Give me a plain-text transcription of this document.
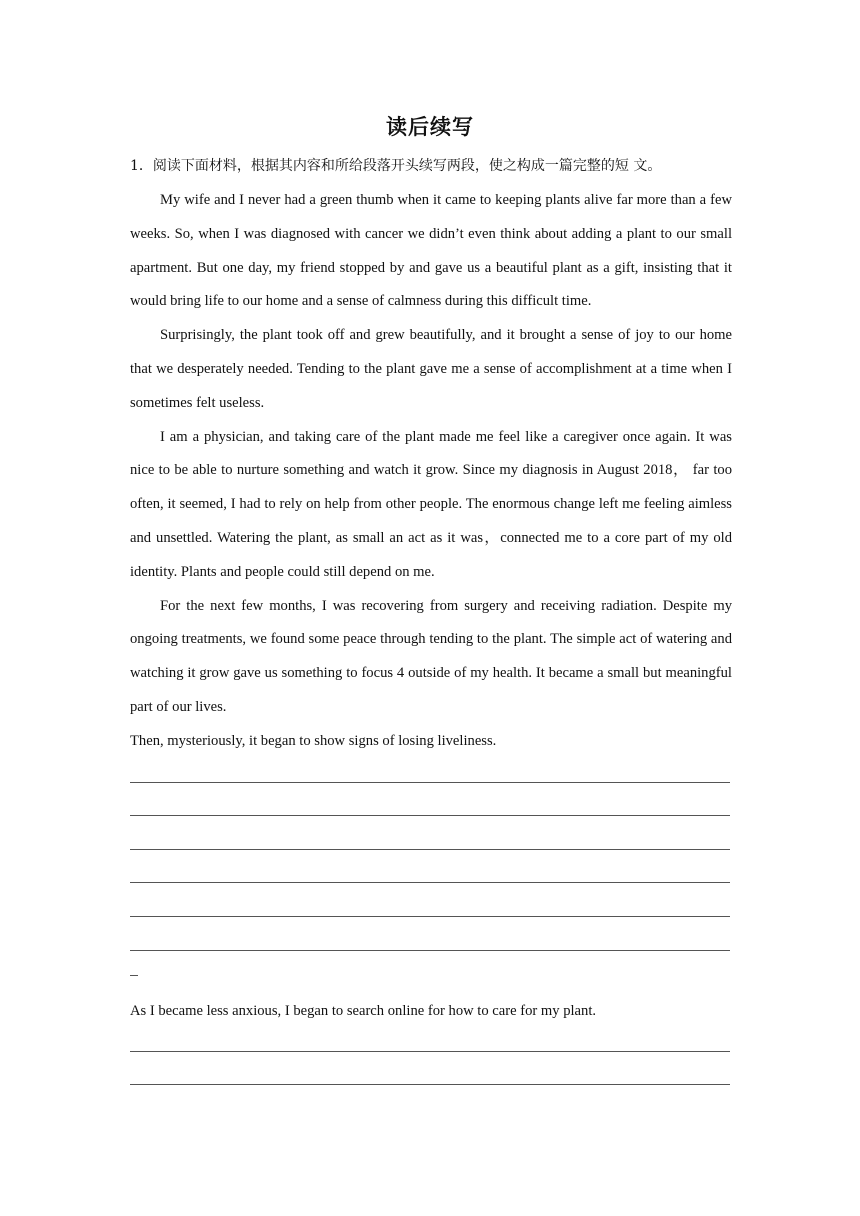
读后续写
1．阅读下面材料，根据其内容和所给段落开头续写两段，使之构成一篇完整的短 文。

My wife and I never had a green thumb when it came to keeping plants alive far more than a few weeks. So, when I was diagnosed with cancer we didn’t even think about adding a plant to our small apartment. But one day, my friend stopped by and gave us a beautiful plant as a gift, insisting that it would bring life to our home and a sense of calmness during this difficult time.

Surprisingly, the plant took off and grew beautifully, and it brought a sense of joy to our home that we desperately needed. Tending to the plant gave me a sense of accomplishment at a time when I sometimes felt useless.

I am a physician, and taking care of the plant made me feel like a caregiver once again. It was nice to be able to nurture something and watch it grow. Since my diagnosis in August 2018， far too often, it seemed, I had to rely on help from other people. The enormous change left me feeling aimless and unsettled. Watering the plant, as small an act as it was，connected me to a core part of my old identity. Plants and people could still depend on me.

For the next few months, I was recovering from surgery and receiving radiation. Despite my ongoing treatments, we found some peace through tending to the plant. The simple act of watering and watching it grow gave us something to focus 4 outside of my health. It became a small but meaningful part of our lives.

Then, mysteriously, it began to show signs of losing liveliness.

As I became less anxious, I began to search online for how to care for my plant.
